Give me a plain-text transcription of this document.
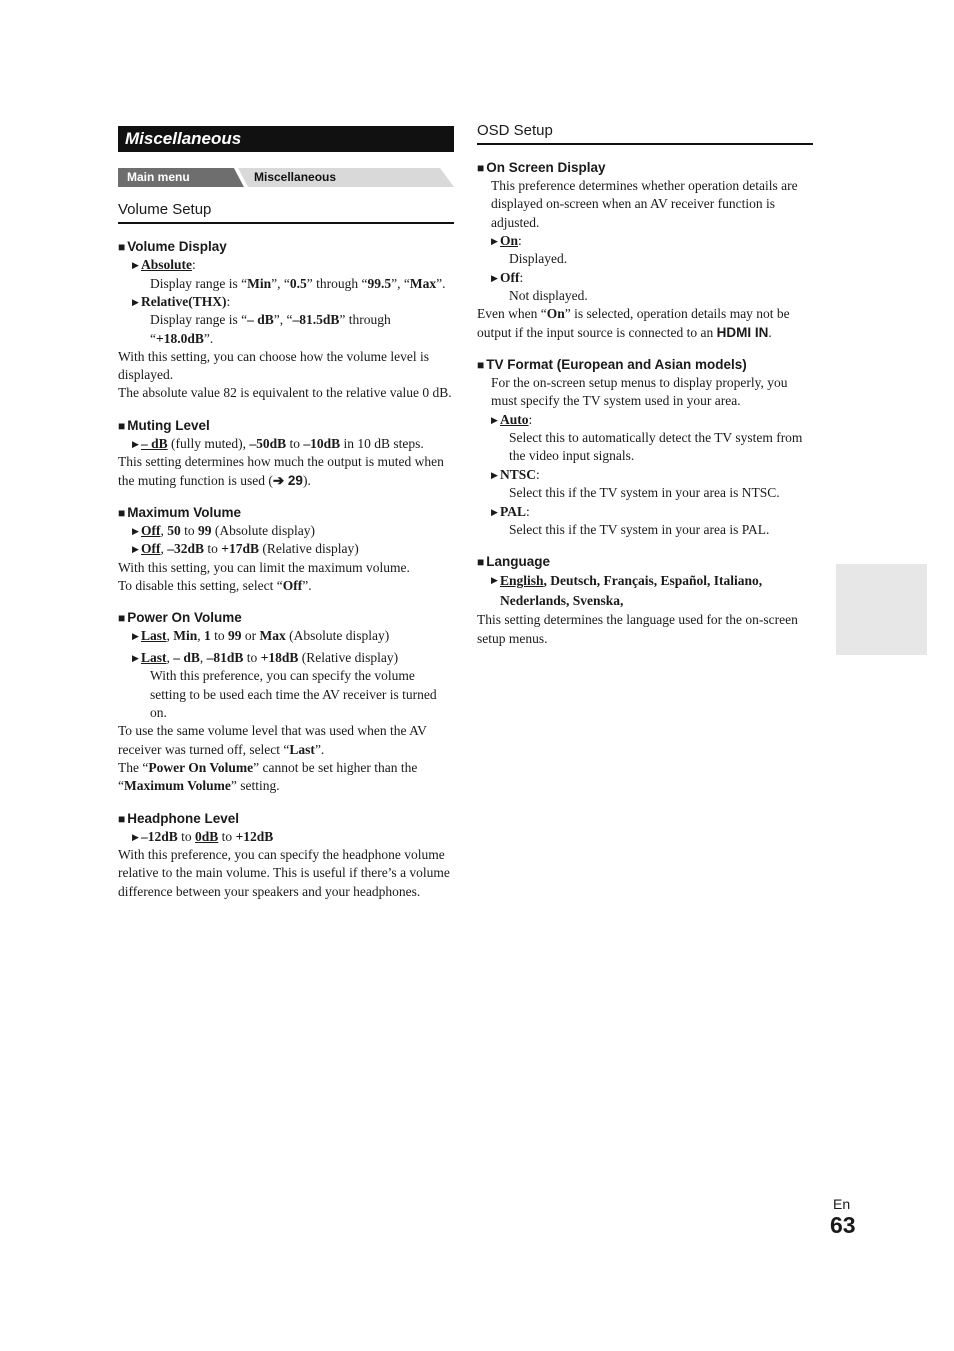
Miscellaneous
Main menu	Miscellaneous
Volume Setup
■ Volume Display
▶ Absolute:
Display range is “Min”, “0.5” through “99.5”, “Max”.
▶ Relative(THX):
Display range is “– dB”, “–81.5dB” through “+18.0dB”.

With this setting, you can choose how the volume level is displayed.

The absolute value 82 is equivalent to the relative value 0 dB.

■ Muting Level
▶ – dB (fully muted), –50dB to –10dB in 10 dB steps.

This setting determines how much the output is muted when the muting function is used (➔ 29).

■ Maximum Volume
▶ Off, 50 to 99 (Absolute display)
▶ Off, –32dB to +17dB (Relative display)

With this setting, you can limit the maximum volume.

To disable this setting, select “Off”.

■ Power On Volume
▶ Last, Min, 1 to 99 or Max (Absolute display)
▶ Last, – dB, –81dB to +18dB (Relative display)
With this preference, you can specify the volume setting to be used each time the AV receiver is turned on.

To use the same volume level that was used when the AV receiver was turned off, select “Last”.

The “Power On Volume” cannot be set higher than the “Maximum Volume” setting.

■ Headphone Level
▶ –12dB to 0dB to +12dB

With this preference, you can specify the headphone volume relative to the main volume. This is useful if there’s a volume difference between your speakers and your headphones.

OSD Setup
■ On Screen Display
This preference determines whether operation details are displayed on-screen when an AV receiver function is adjusted.
▶ On:
Displayed.
▶ Off:
Not displayed.

Even when “On” is selected, operation details may not be output if the input source is connected to an HDMI IN.

■ TV Format (European and Asian models)
For the on-screen setup menus to display properly, you must specify the TV system used in your area.
▶ Auto:
Select this to automatically detect the TV system from the video input signals.
▶ NTSC:
Select this if the TV system in your area is NTSC.
▶ PAL:
Select this if the TV system in your area is PAL.
■ Language
▶ English, Deutsch, Français, Español, Italiano, Nederlands, Svenska,

This setting determines the language used for the on-screen setup menus.

En
63
